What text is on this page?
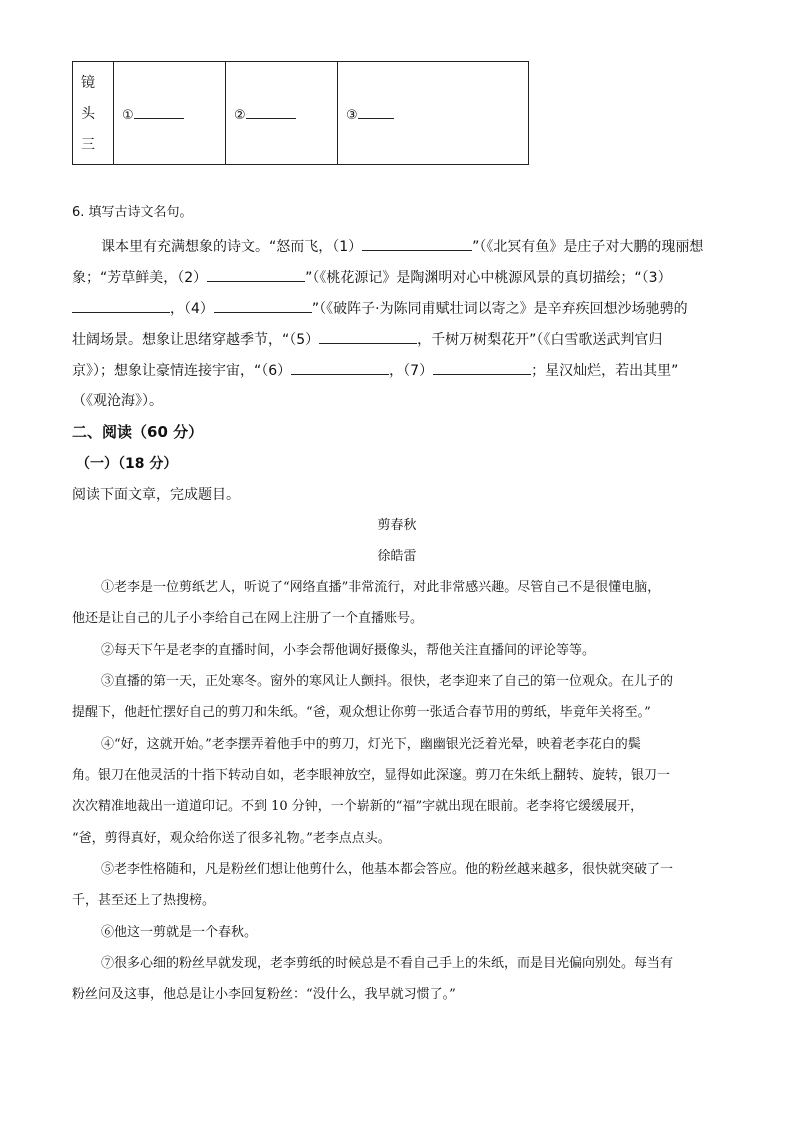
镜
头
三
①	②	③
6. 填写古诗文名句。
课本里有充满想象的诗文。“怒而飞，（1）	”（《北冥有鱼》是庄子对大鹏的瑰丽想
象；“芳草鲜美，（2）	”（《桃花源记》是陶渊明对心中桃源风景的真切描绘；“（3）
，（4）	”（《破阵子·为陈同甫赋壮词以寄之》是辛弃疾回想沙场驰骋的
壮阔场景。想象让思绪穿越季节，“（5）	，千树万树梨花开”（《白雪歌送武判官归
京》）；想象让豪情连接宇宙，“（6）	，（7）	；星汉灿烂，若出其里”
（《观沧海》）。
二、阅读（60 分）
（一）（18 分）
阅读下面文章，完成题目。
剪春秋
徐皓雷
①老李是一位剪纸艺人，听说了“网络直播”非常流行，对此非常感兴趣。尽管自己不是很懂电脑，
他还是让自己的儿子小李给自己在网上注册了一个直播账号。
②每天下午是老李的直播时间，小李会帮他调好摄像头，帮他关注直播间的评论等等。
③直播的第一天，正处寒冬。窗外的寒风让人颤抖。很快，老李迎来了自己的第一位观众。在儿子的
提醒下，他赶忙摆好自己的剪刀和朱纸。“爸，观众想让你剪一张适合春节用的剪纸，毕竟年关将至。”
④“好，这就开始。”老李摆弄着他手中的剪刀，灯光下，幽幽银光泛着光晕，映着老李花白的鬓
角。银刀在他灵活的十指下转动自如，老李眼神放空，显得如此深邃。剪刀在朱纸上翻转、旋转，银刀一
次次精准地裁出一道道印记。不到 10 分钟，一个崭新的“福”字就出现在眼前。老李将它缓缓展开，
“爸，剪得真好，观众给你送了很多礼物。”老李点点头。
⑤老李性格随和，凡是粉丝们想让他剪什么，他基本都会答应。他的粉丝越来越多，很快就突破了一
千，甚至还上了热搜榜。
⑥他这一剪就是一个春秋。
⑦很多心细的粉丝早就发现，老李剪纸的时候总是不看自己手上的朱纸，而是目光偏向别处。每当有
粉丝问及这事，他总是让小李回复粉丝：“没什么，我早就习惯了。”
